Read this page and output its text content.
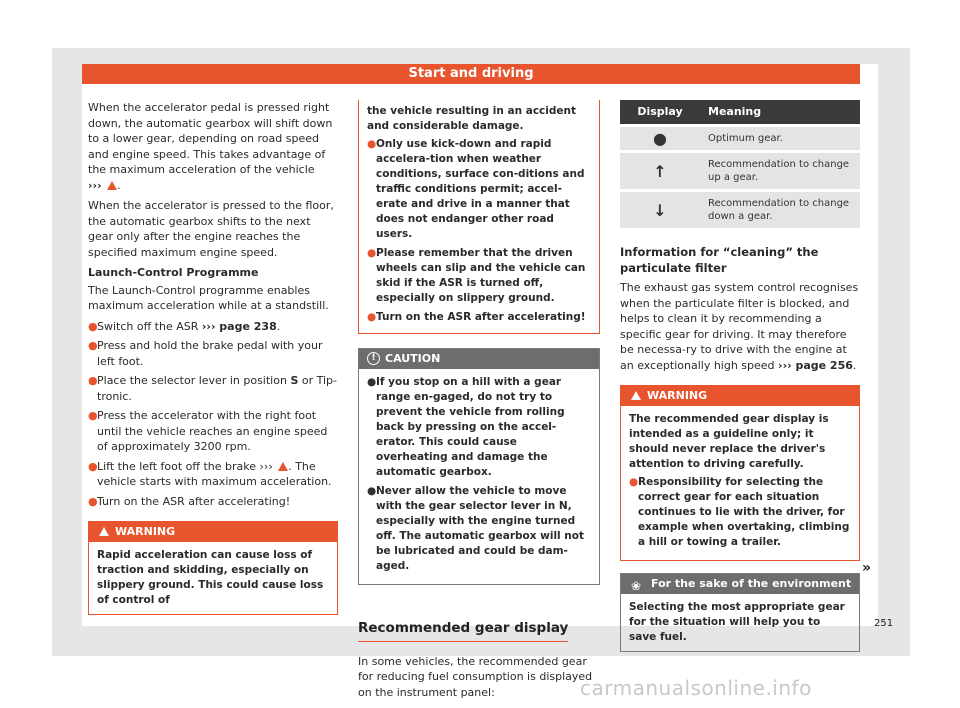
Start and driving

When the accelerator pedal is pressed right down, the automatic gearbox will shift down to a lower gear, depending on road speed and engine speed. This takes advantage of the maximum acceleration of the vehicle
››› .

When the accelerator is pressed to the floor, the automatic gearbox shifts to the next gear only after the engine reaches the specified maximum engine speed.

Launch-Control Programme

The Launch-Control programme enables maximum acceleration while at a standstill.

● Switch off the ASR ››› page 238.
● Press and hold the brake pedal with your left foot.
● Place the selector lever in position S or Tip-tronic.
● Press the accelerator with the right foot until the vehicle reaches an engine speed of approximately 3200 rpm.
● Lift the left foot off the brake ››› . The vehicle starts with maximum acceleration.
● Turn on the ASR after accelerating!
WARNING
Rapid acceleration can cause loss of traction and skidding, especially on slippery ground. This could cause loss of control of
the vehicle resulting in an accident and considerable damage.
● Only use kick-down and rapid accelera-tion when weather conditions, surface con-ditions and traffic conditions permit; accel-erate and drive in a manner that does not endanger other road users.
● Please remember that the driven wheels can slip and the vehicle can skid if the ASR is turned off, especially on slippery ground.
● Turn on the ASR after accelerating!
! CAUTION
● If you stop on a hill with a gear range en-gaged, do not try to prevent the vehicle from rolling back by pressing on the accel-erator. This could cause overheating and damage the automatic gearbox.
● Never allow the vehicle to move with the gear selector lever in N, especially with the engine turned off. The automatic gearbox will not be lubricated and could be dam-aged.
Recommended gear display

In some vehicles, the recommended gear for reducing fuel consumption is displayed on the instrument panel:

Display	Meaning
●	Optimum gear.
↑	Recommendation to change up a gear.
↓	Recommendation to change down a gear.
Information for “cleaning” the particulate filter

The exhaust gas system control recognises when the particulate filter is blocked, and helps to clean it by recommending a specific gear for driving. It may therefore be necessa-ry to drive with the engine at an exceptionally high speed ››› page 256.

WARNING
The recommended gear display is intended as a guideline only; it should never replace the driver's attention to driving carefully.
● Responsibility for selecting the correct gear for each situation continues to lie with the driver, for example when overtaking, climbing a hill or towing a trailer.
❀ For the sake of the environment
Selecting the most appropriate gear for the situation will help you to save fuel.
»
251
carmanualsonline.info
